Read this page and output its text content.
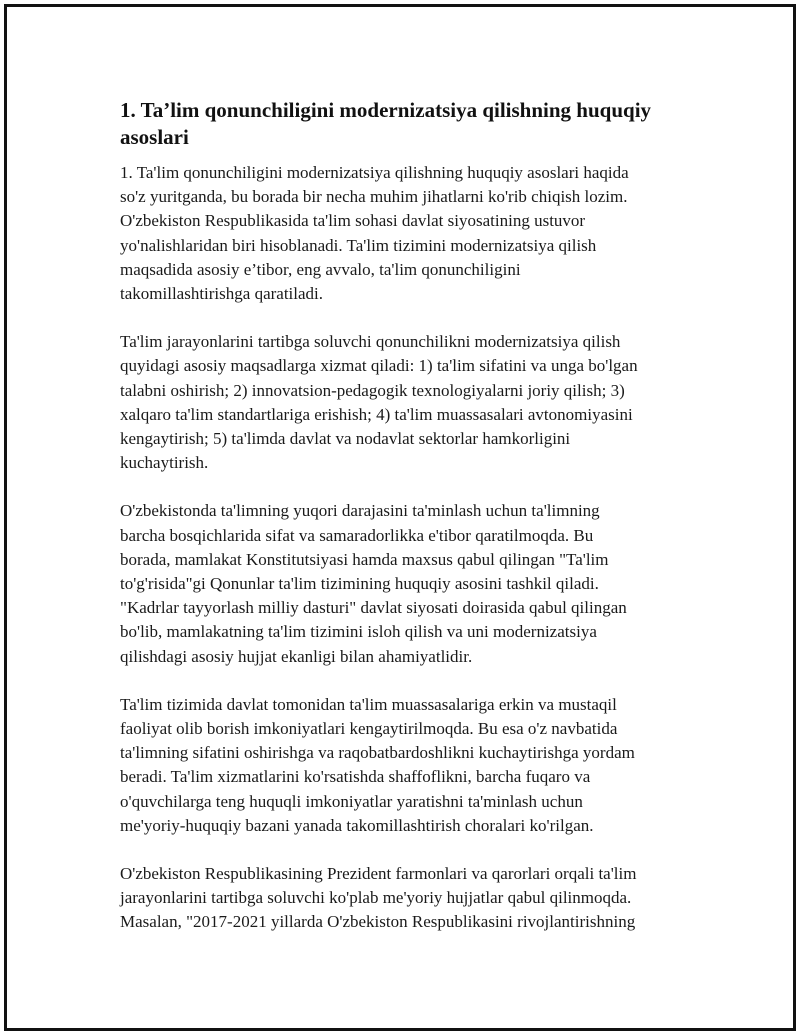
1. Ta’lim qonunchiligini modernizatsiya qilishning huquqiy asoslari

1. Ta'lim qonunchiligini modernizatsiya qilishning huquqiy asoslari haqida
so'z yuritganda, bu borada bir necha muhim jihatlarni ko'rib chiqish lozim.
O'zbekiston Respublikasida ta'lim sohasi davlat siyosatining ustuvor
yo'nalishlaridan biri hisoblanadi. Ta'lim tizimini modernizatsiya qilish
maqsadida asosiy e’tibor, eng avvalo, ta'lim qonunchiligini
takomillashtirishga qaratiladi.

Ta'lim jarayonlarini tartibga soluvchi qonunchilikni modernizatsiya qilish
quyidagi asosiy maqsadlarga xizmat qiladi: 1) ta'lim sifatini va unga bo'lgan
talabni oshirish; 2) innovatsion-pedagogik texnologiyalarni joriy qilish; 3)
xalqaro ta'lim standartlariga erishish; 4) ta'lim muassasalari avtonomiyasini
kengaytirish; 5) ta'limda davlat va nodavlat sektorlar hamkorligini
kuchaytirish.

O'zbekistonda ta'limning yuqori darajasini ta'minlash uchun ta'limning
barcha bosqichlarida sifat va samaradorlikka e'tibor qaratilmoqda. Bu
borada, mamlakat Konstitutsiyasi hamda maxsus qabul qilingan "Ta'lim
to'g'risida"gi Qonunlar ta'lim tizimining huquqiy asosini tashkil qiladi.
"Kadrlar tayyorlash milliy dasturi" davlat siyosati doirasida qabul qilingan
bo'lib, mamlakatning ta'lim tizimini isloh qilish va uni modernizatsiya
qilishdagi asosiy hujjat ekanligi bilan ahamiyatlidir.

Ta'lim tizimida davlat tomonidan ta'lim muassasalariga erkin va mustaqil
faoliyat olib borish imkoniyatlari kengaytirilmoqda. Bu esa o'z navbatida
ta'limning sifatini oshirishga va raqobatbardoshlikni kuchaytirishga yordam
beradi. Ta'lim xizmatlarini ko'rsatishda shaffoflikni, barcha fuqaro va
o'quvchilarga teng huquqli imkoniyatlar yaratishni ta'minlash uchun
me'yoriy-huquqiy bazani yanada takomillashtirish choralari ko'rilgan.

O'zbekiston Respublikasining Prezident farmonlari va qarorlari orqali ta'lim
jarayonlarini tartibga soluvchi ko'plab me'yoriy hujjatlar qabul qilinmoqda.
Masalan, "2017-2021 yillarda O'zbekiston Respublikasini rivojlantirishning
